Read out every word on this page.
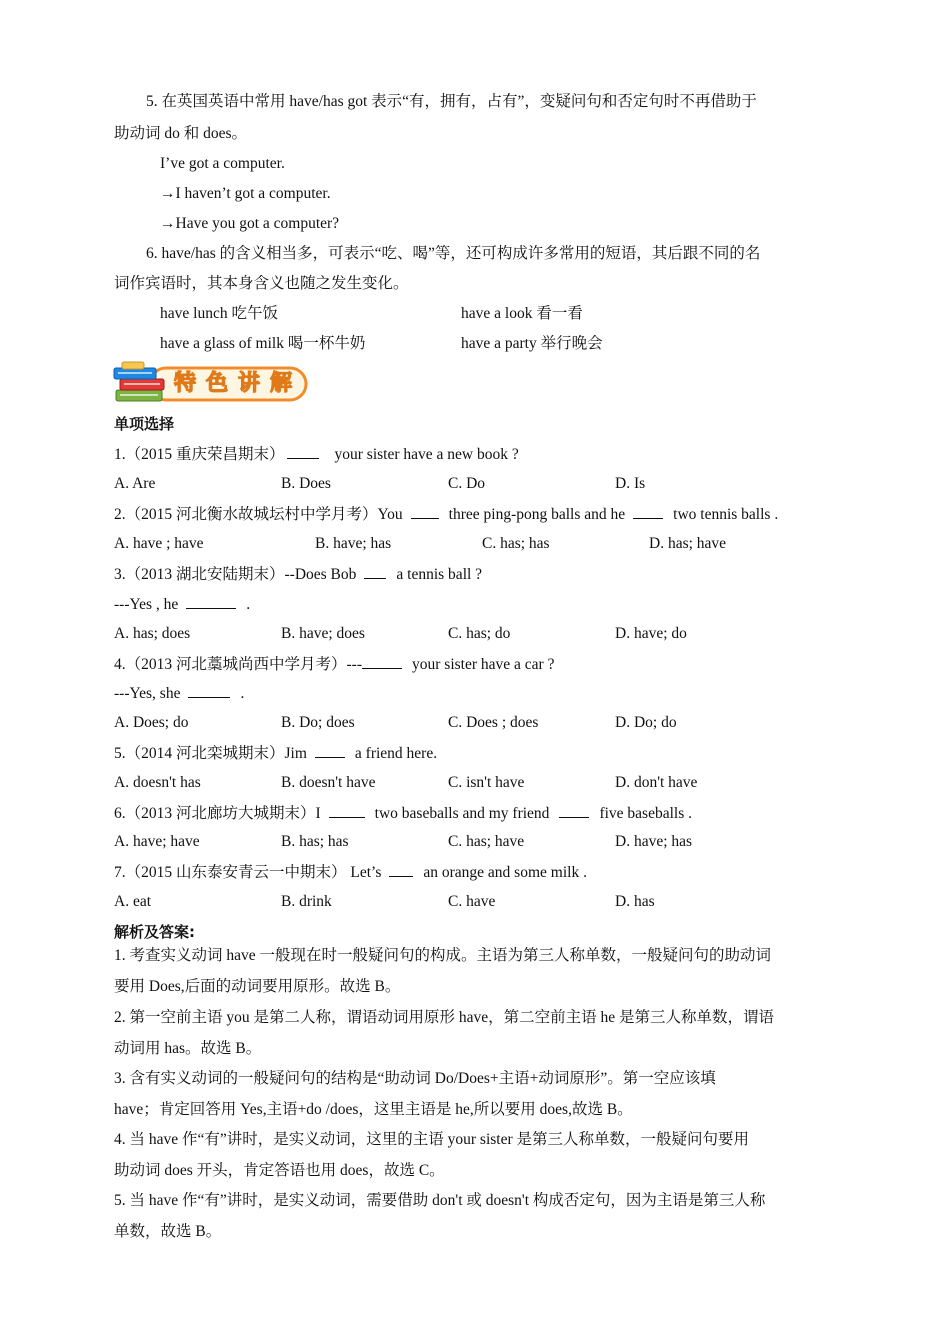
5. 在英国英语中常用 have/has got 表示“有，拥有，占有”，变疑问句和否定句时不再借助于
助动词 do 和 does。
I’ve got a computer.
→I haven’t got a computer.
→Have you got a computer?
6. have/has 的含义相当多，可表示“吃、喝”等，还可构成许多常用的短语，其后跟不同的名
词作宾语时，其本身含义也随之发生变化。
have lunch 吃午饭	have a look 看一看
have a glass of milk 喝一杯牛奶	have a party 举行晚会
特色讲解
单项选择
1.（2015 重庆荣昌期末）	your sister have a new book ?
A. Are	B. Does	C. Do	D. Is
2.（2015 河北衡水故城坛村中学月考）You	three ping-pong balls and he	two tennis balls .
A. have ; have	B. have; has	C. has; has	D. has; have
3.（2013 湖北安陆期末）--Does Bob	a tennis ball ?
---Yes , he	.
A. has; does	B. have; does	C. has; do	D. have; do
4.（2013 河北藁城尚西中学月考）---	your sister have a car ?
---Yes, she	.
A. Does; do	B. Do; does	C. Does ; does	D. Do; do
5.（2014 河北栾城期末）Jim	a friend here.
A. doesn't has	B. doesn't have	C. isn't have	D. don't have
6.（2013 河北廊坊大城期末）I	two baseballs and my friend	five baseballs .
A. have; have	B. has; has	C. has; have	D. have; has
7.（2015 山东泰安青云一中期末） Let’s	an orange and some milk .
A. eat	B. drink	C. have	D. has
解析及答案:
1. 考查实义动词 have 一般现在时一般疑问句的构成。主语为第三人称单数，一般疑问句的助动词
要用 Does,后面的动词要用原形。故选 B。
2. 第一空前主语 you 是第二人称，谓语动词用原形 have，第二空前主语 he 是第三人称单数，谓语
动词用 has。故选 B。
3. 含有实义动词的一般疑问句的结构是“助动词 Do/Does+主语+动词原形”。第一空应该填
have；肯定回答用 Yes,主语+do /does，这里主语是 he,所以要用 does,故选 B。
4. 当 have 作“有”讲时，是实义动词，这里的主语 your sister 是第三人称单数，一般疑问句要用
助动词 does 开头，肯定答语也用 does，故选 C。
5. 当 have 作“有”讲时，是实义动词，需要借助 don't 或 doesn't 构成否定句，因为主语是第三人称
单数，故选 B。
